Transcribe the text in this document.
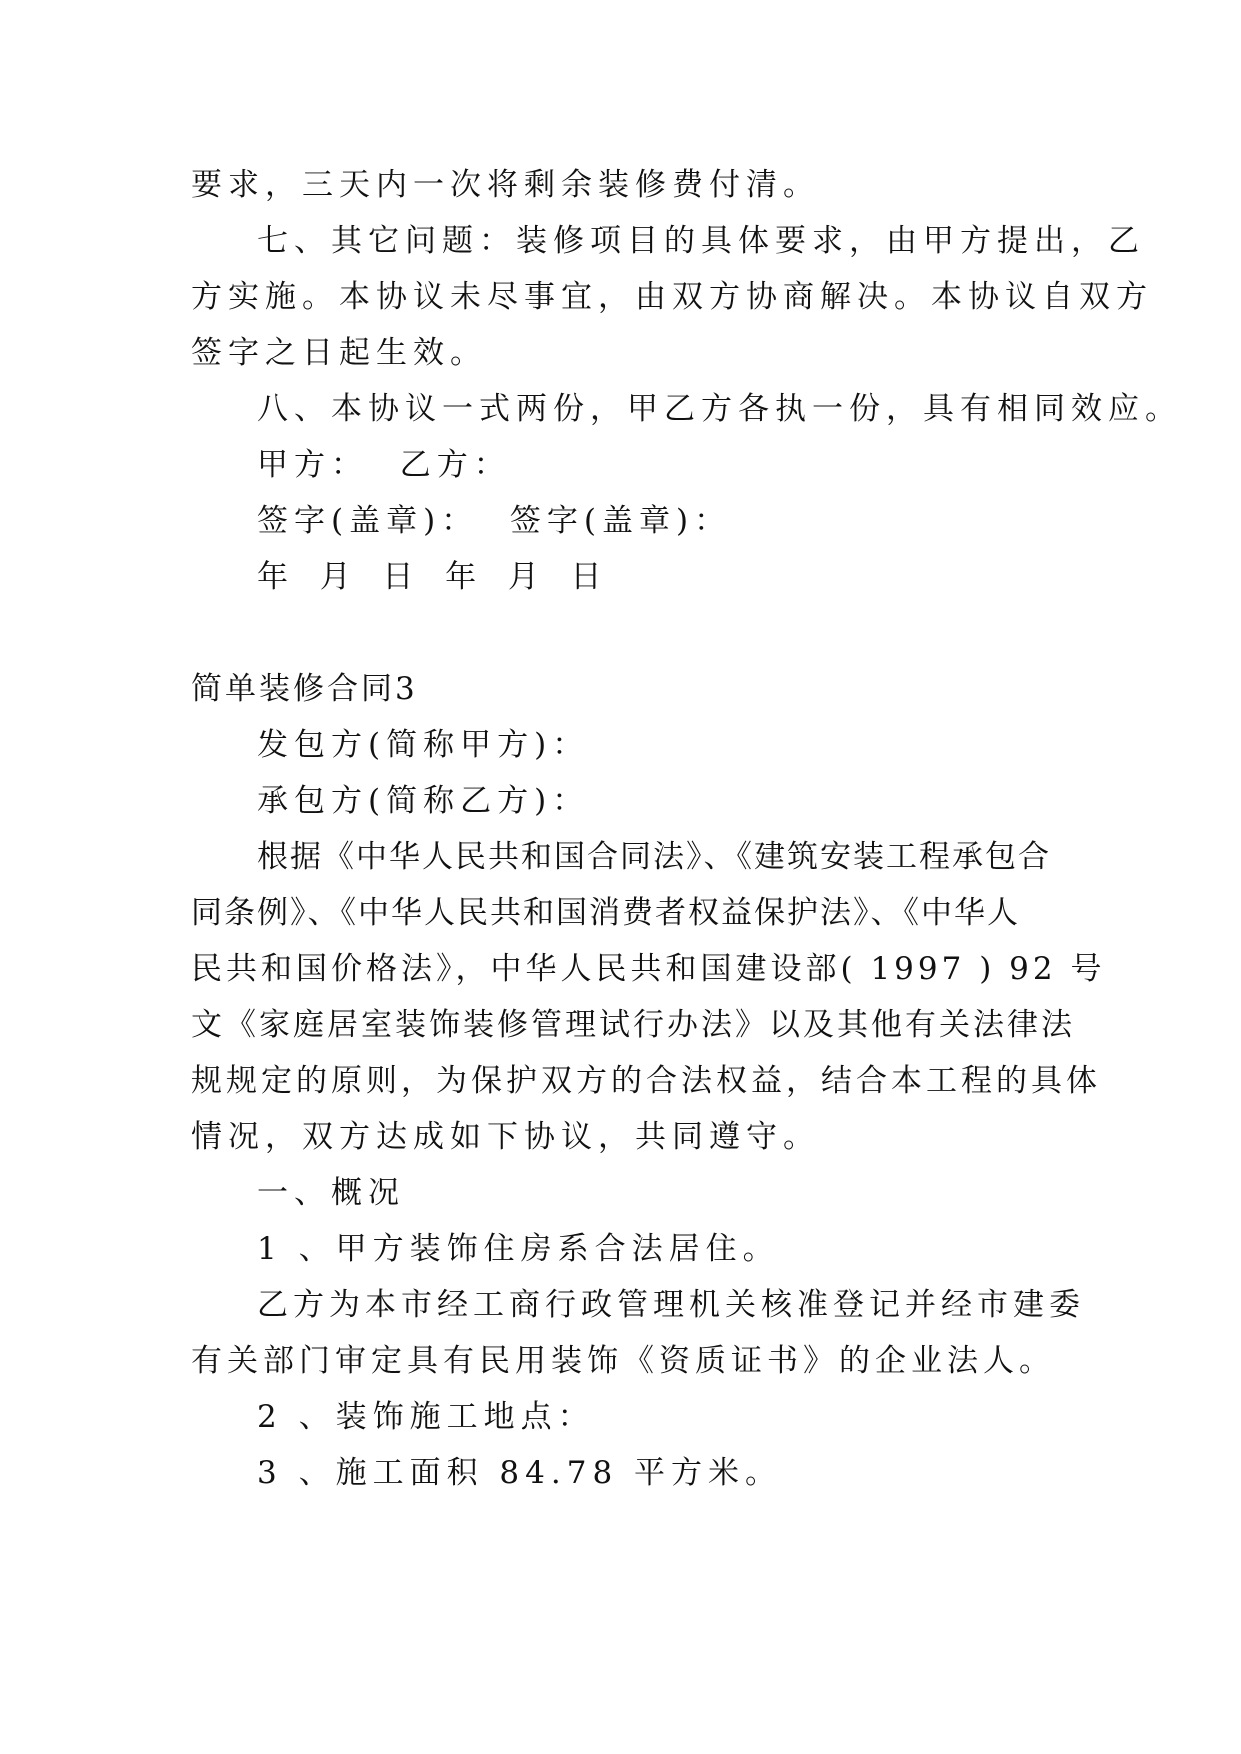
要求，三天内一次将剩余装修费付清。
七、其它问题：装修项目的具体要求，由甲方提出，乙
方实施。本协议未尽事宜，由双方协商解决。本协议自双方
签字之日起生效。
八、本协议一式两份，甲乙方各执一份，具有相同效应。
甲方：  乙方：
签字(盖章)：  签字(盖章)：
年  月  日  年  月  日
简单装修合同3
发包方(简称甲方)：
承包方(简称乙方)：
根据《中华人民共和国合同法》、《建筑安装工程承包合
同条例》、《中华人民共和国消费者权益保护法》、《中华人
民共和国价格法》，中华人民共和国建设部( 1997 ) 92 号
文《家庭居室装饰装修管理试行办法》以及其他有关法律法
规规定的原则，为保护双方的合法权益，结合本工程的具体
情况，双方达成如下协议，共同遵守。
一、概况
1 、甲方装饰住房系合法居住。
乙方为本市经工商行政管理机关核准登记并经市建委
有关部门审定具有民用装饰《资质证书》的企业法人。
2 、装饰施工地点：
3 、施工面积 84.78 平方米。
